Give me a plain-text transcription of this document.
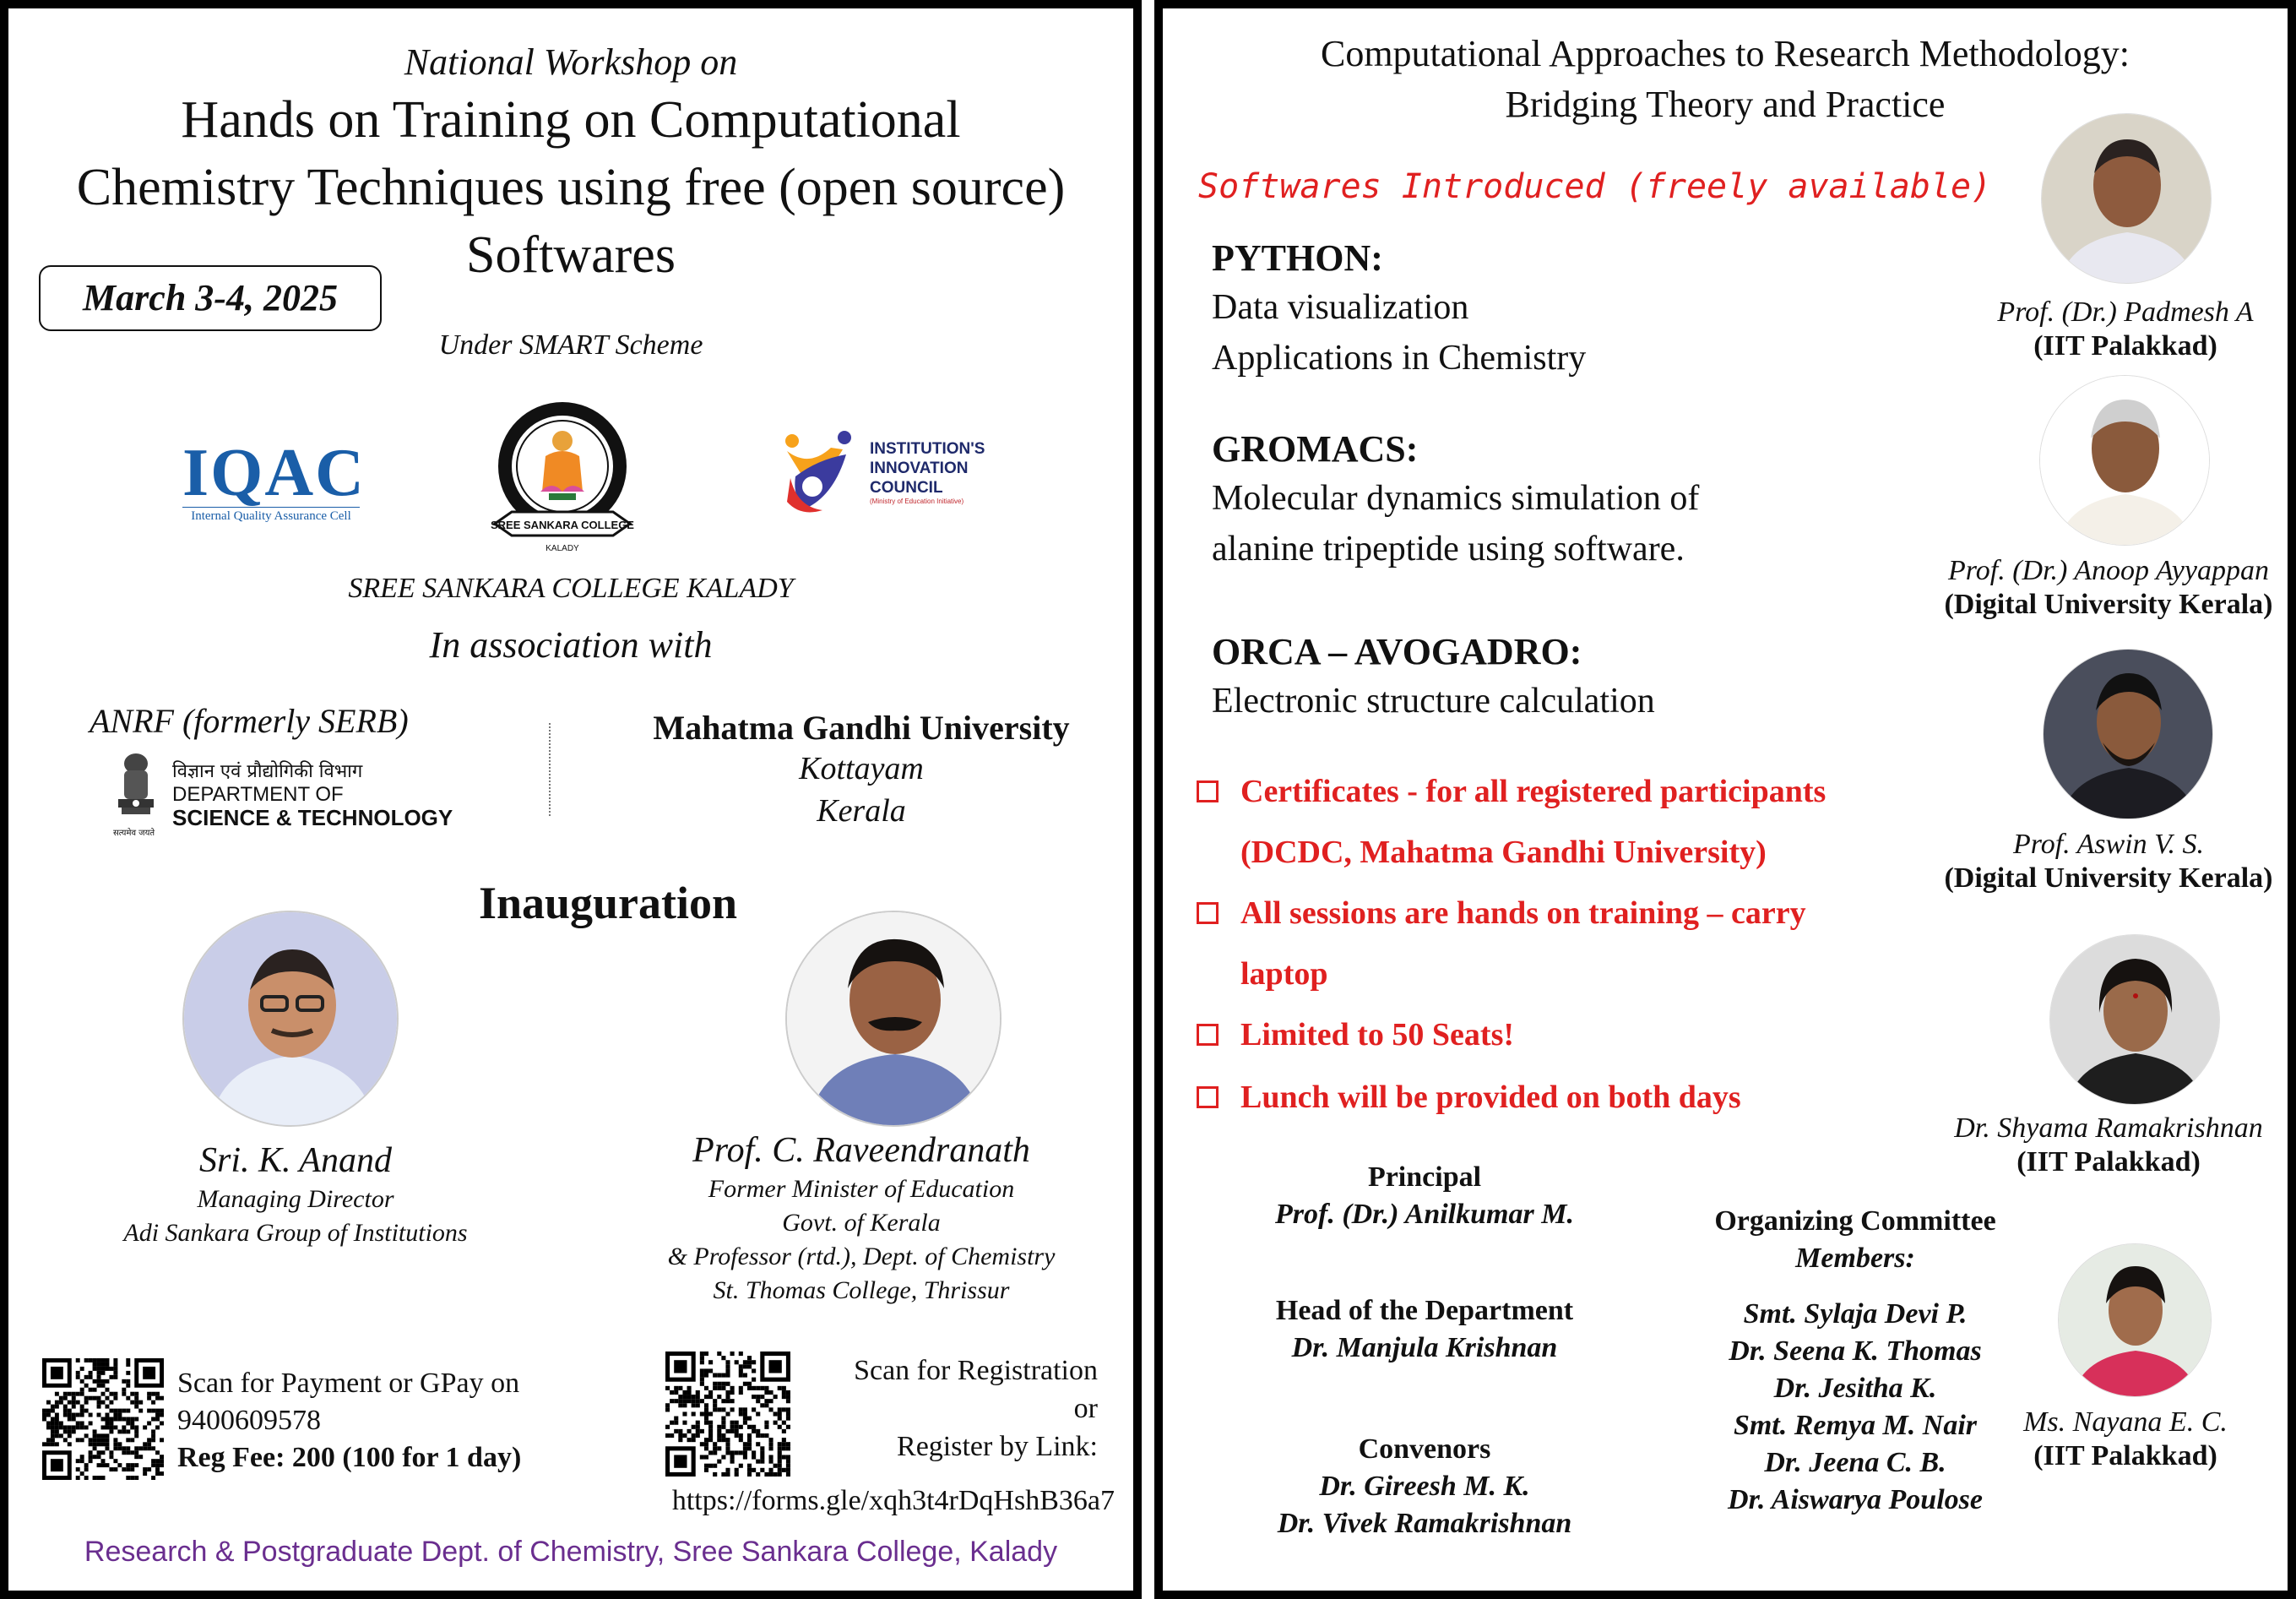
National Workshop on
Hands on Training on Computational
Chemistry Techniques using free (open source)
Softwares
March 3-4, 2025
Under SMART Scheme
IQAC
Internal Quality Assurance Cell
SREE SANKARA COLLEGE
KALADY
INSTITUTION'S
INNOVATION
COUNCIL
(Ministry of Education Initiative)
SREE SANKARA COLLEGE KALADY
In association with
ANRF (formerly SERB)
सत्यमेव जयते
विज्ञान एवं प्रौद्योगिकी विभाग
DEPARTMENT OF
SCIENCE & TECHNOLOGY
Mahatma Gandhi University
Kottayam
Kerala
Inauguration
Sri. K. Anand
Managing Director
Adi Sankara Group of Institutions
Prof. C. Raveendranath
Former Minister of Education
Govt. of Kerala
& Professor (rtd.), Dept. of Chemistry
St. Thomas College, Thrissur
Scan for Payment or GPay on
9400609578
Reg Fee: 200 (100 for 1 day)
Scan for Registration
or
Register by Link:
https://forms.gle/xqh3t4rDqHshB36a7
Research & Postgraduate Dept. of Chemistry, Sree Sankara College, Kalady
Computational Approaches to Research Methodology:
Bridging Theory and Practice
Softwares Introduced (freely available)
PYTHON:
Data visualization
Applications in Chemistry
GROMACS:
Molecular dynamics simulation of
alanine tripeptide using software.
ORCA – AVOGADRO:
Electronic structure calculation
Certificates - for all registered participants
(DCDC, Mahatma Gandhi University)
All sessions are hands on training – carry
laptop
Limited to 50 Seats!
Lunch will be provided on both days
Principal
Prof. (Dr.) Anilkumar M.
Head of the Department
Dr. Manjula Krishnan
Convenors
Dr. Gireesh M. K.
Dr. Vivek Ramakrishnan
Organizing Committee
Members:
Smt. Sylaja Devi P.
Dr. Seena K. Thomas
Dr. Jesitha K.
Smt. Remya M. Nair
Dr. Jeena C. B.
Dr. Aiswarya Poulose
Prof. (Dr.) Padmesh A
(IIT Palakkad)
Prof. (Dr.) Anoop Ayyappan
(Digital University Kerala)
Prof. Aswin V. S.
(Digital University Kerala)
Dr. Shyama Ramakrishnan
(IIT Palakkad)
Ms. Nayana E. C.
(IIT Palakkad)
